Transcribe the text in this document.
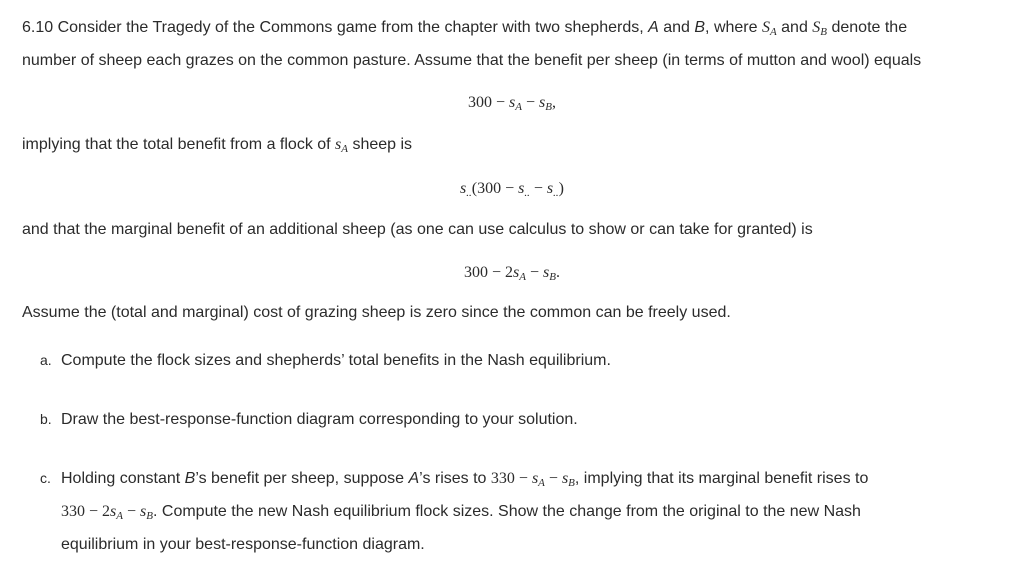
6.10 Consider the Tragedy of the Commons game from the chapter with two shepherds, A and B, where $S_A$ and $S_B$ denote the
number of sheep each grazes on the common pasture. Assume that the benefit per sheep (in terms of mutton and wool) equals
$300 - s_A - s_B$,
implying that the total benefit from a flock of $s_A$ sheep is
$s_{..}(300 - s_{..} - s_{..})$
and that the marginal benefit of an additional sheep (as one can use calculus to show or can take for granted) is
$300 - 2s_A - s_B$.
Assume the (total and marginal) cost of grazing sheep is zero since the common can be freely used.
a. Compute the flock sizes and shepherds’ total benefits in the Nash equilibrium.
b. Draw the best-response-function diagram corresponding to your solution.
c. Holding constant B’s benefit per sheep, suppose A’s rises to $330 - s_A - s_B$, implying that its marginal benefit rises to
$330 - 2s_A - s_B$. Compute the new Nash equilibrium flock sizes. Show the change from the original to the new Nash
equilibrium in your best-response-function diagram.
